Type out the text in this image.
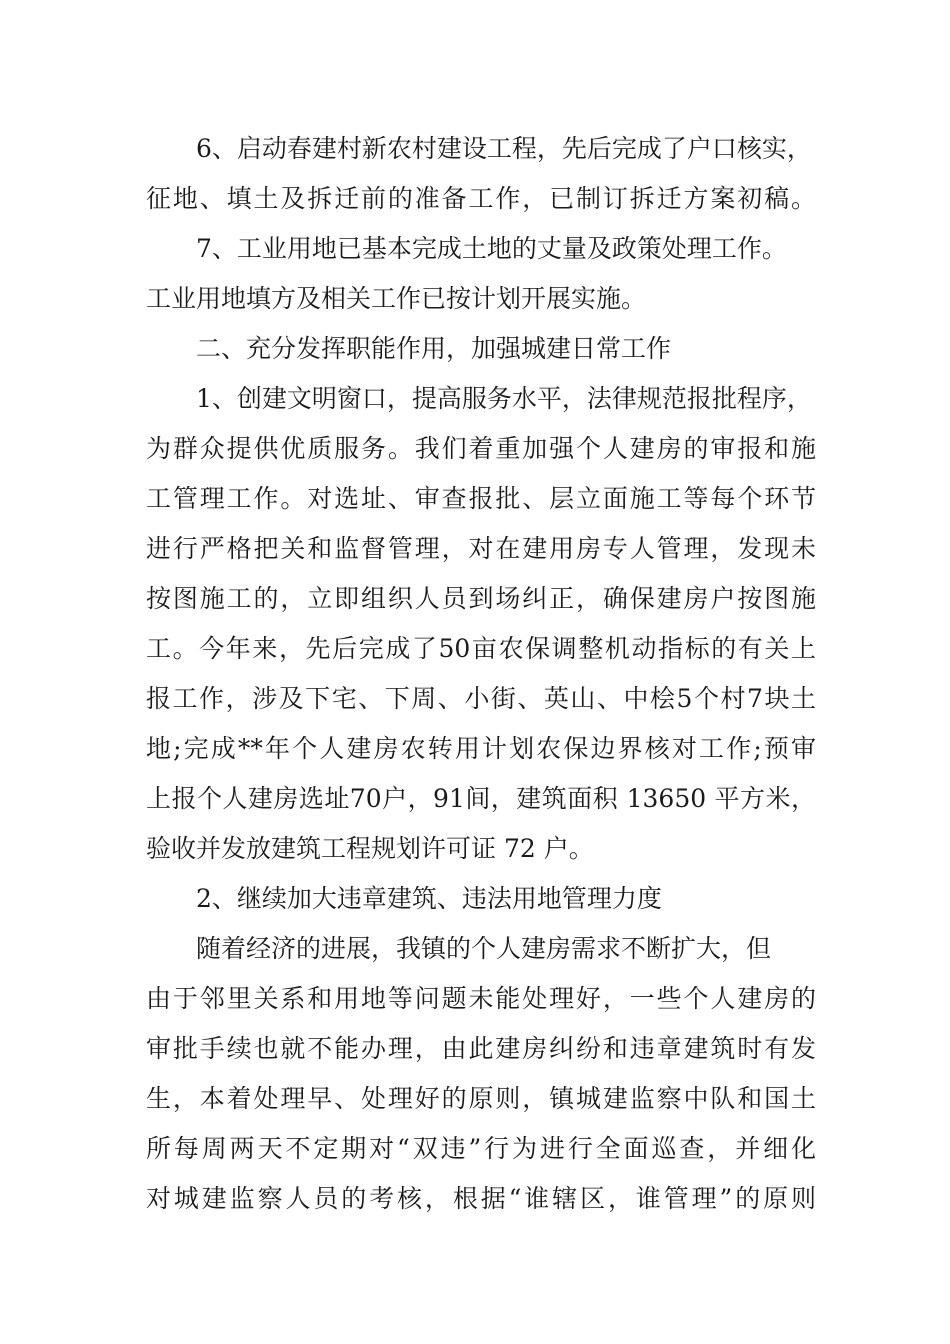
6、启动春建村新农村建设工程，先后完成了户口核实，
征地、填土及拆迁前的准备工作，已制订拆迁方案初稿。
7、工业用地已基本完成土地的丈量及政策处理工作。
工业用地填方及相关工作已按计划开展实施。
二、充分发挥职能作用，加强城建日常工作
1、创建文明窗口，提高服务水平，法律规范报批程序，
为群众提供优质服务。我们着重加强个人建房的审报和施
工管理工作。对选址、审查报批、层立面施工等每个环节
进行严格把关和监督管理，对在建用房专人管理，发现未
按图施工的，立即组织人员到场纠正，确保建房户按图施
工。今年来，先后完成了50亩农保调整机动指标的有关上
报工作，涉及下宅、下周、小街、英山、中桧5个村7块土
地;完成**年个人建房农转用计划农保边界核对工作;预审
上报个人建房选址70户，91间，建筑面积 13650 平方米，
验收并发放建筑工程规划许可证 72 户。
2、继续加大违章建筑、违法用地管理力度
随着经济的进展，我镇的个人建房需求不断扩大，但
由于邻里关系和用地等问题未能处理好，一些个人建房的
审批手续也就不能办理，由此建房纠纷和违章建筑时有发
生，本着处理早、处理好的原则，镇城建监察中队和国土
所每周两天不定期对“双违”行为进行全面巡查，并细化
对城建监察人员的考核，根据“谁辖区，谁管理”的原则
